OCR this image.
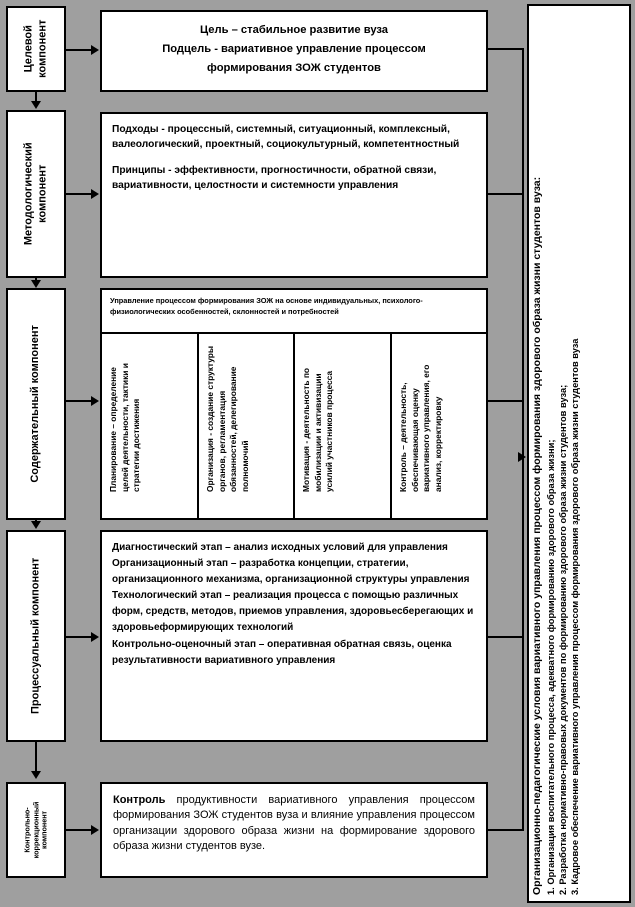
Целевой компонент
Методологический компонент
Содержательный компонент
Процессуальный компонент
Контрольно-
коррекционный
компонент
Цель – стабильное развитие вуза
Подцель - вариативное управление процессом
формирования ЗОЖ студентов
Подходы - процессный, системный, ситуационный, комплексный, валеологический, проектный, социокультурный, компетентностный
Принципы - эффективности, прогностичности, обратной связи, вариативности, целостности и системности управления
Управление процессом формирования ЗОЖ на основе индивидуальных, психолого-физиологических особенностей, склонностей и потребностей
Планирование – определение целей деятельности, тактики и стратегии достижения	Организация - создание структуры органов, регламентация обязанностей, делегирование полномочий	Мотивация - деятельность по мобилизации и активизации усилий участников процесса	Контроль – деятельность, обеспечивающая оценку вариативного управления, его анализ, корректировку
Диагностический этап – анализ исходных условий для управления
Организационный этап – разработка концепции, стратегии, организационного механизма, организационной структуры управления
Технологический этап – реализация процесса с помощью различных форм, средств, методов, приемов управления, здоровьесберегающих и здоровьеформирующих технологий
Контрольно-оценочный этап – оперативная обратная связь, оценка результативности вариативного управления
Контроль продуктивности вариативного управления процессом формирования ЗОЖ студентов вуза и влияние управления процессом организации здорового образа жизни на формирование здорового образа жизни студентов вузе.	Организационно-педагогические условия вариативного управления процессом формирования здорового образа жизни студентов вуза: 1. Организация воспитательного процесса, адекватного формированию здорового образа жизни; 2. Разработка нормативно-правовых документов по формированию здорового образа жизни студентов вуза; 3. Кадровое обеспечение вариативного управления процессом формирования здорового образа жизни студентов вуза
